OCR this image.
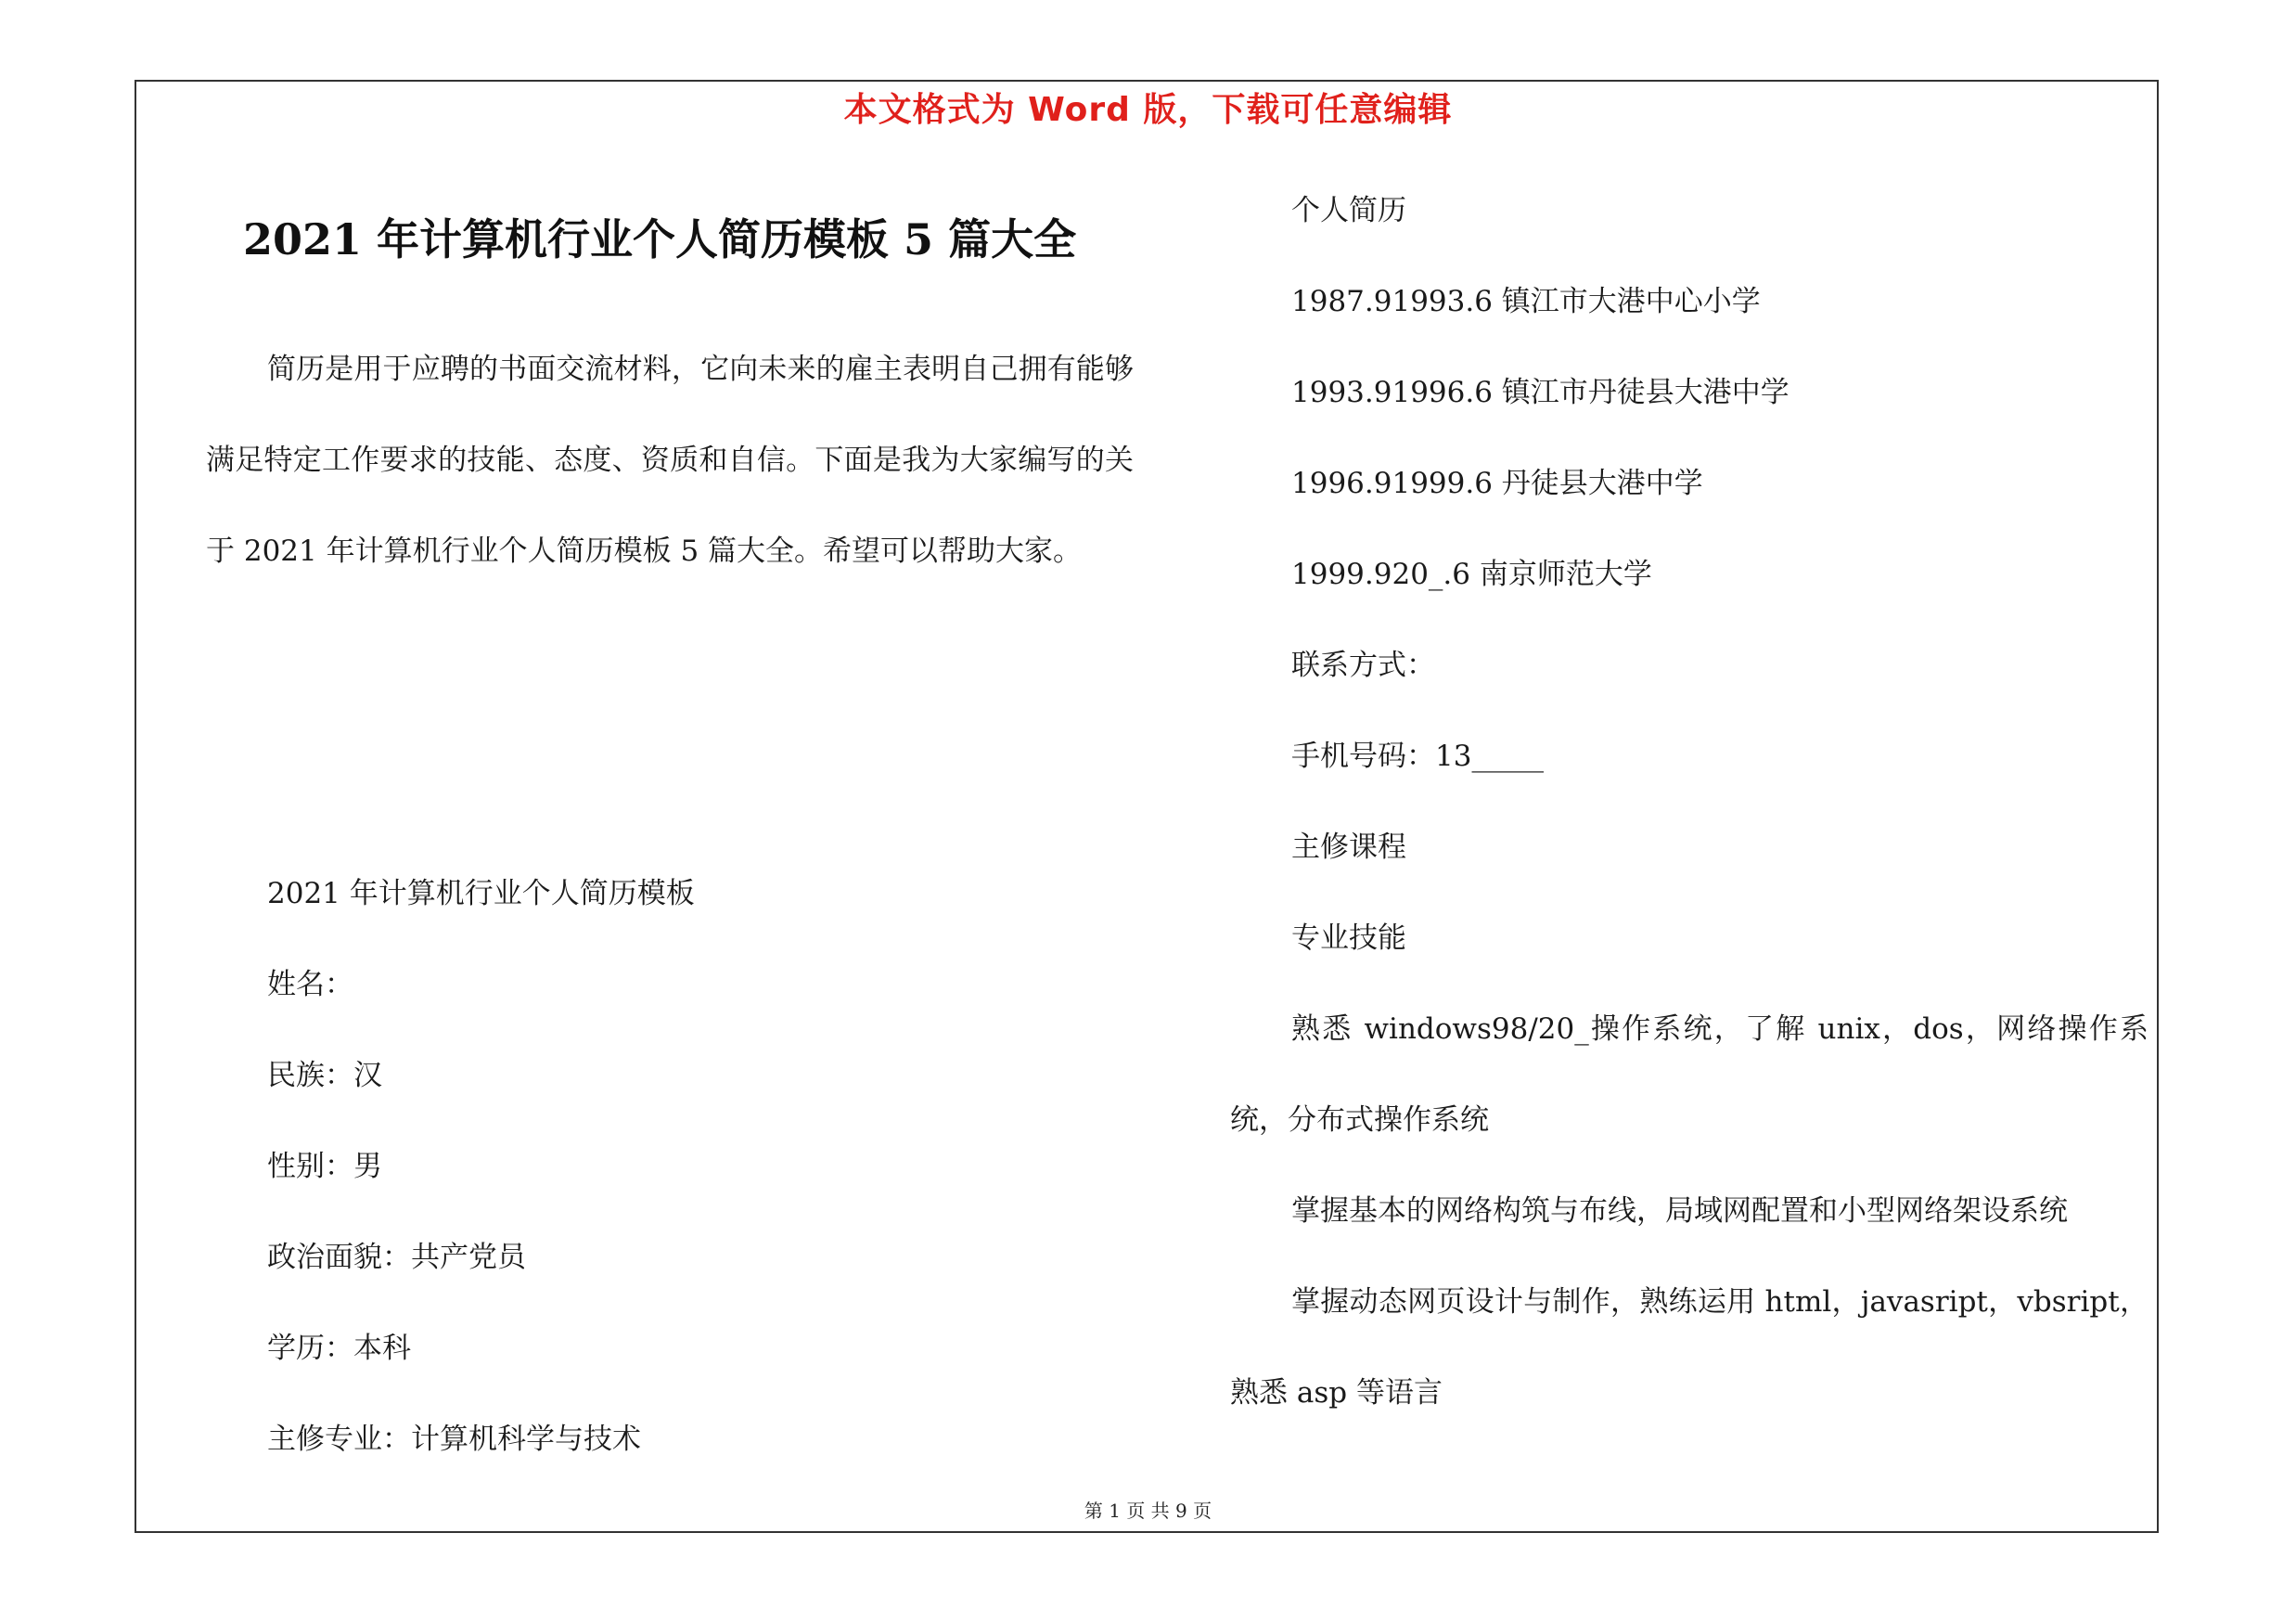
本文格式为 Word 版，下载可任意编辑
2021 年计算机行业个人简历模板 5 篇大全

简历是用于应聘的书面交流材料，它向未来的雇主表明自己拥有能够满足特定工作要求的技能、态度、资质和自信。下面是我为大家编写的关于 2021 年计算机行业个人简历模板 5 篇大全。希望可以帮助大家。

2021 年计算机行业个人简历模板
姓名：
民族：汉
性别：男
政治面貌：共产党员
学历：本科
主修专业：计算机科学与技术
个人简历
1987.91993.6 镇江市大港中心小学
1993.91996.6 镇江市丹徒县大港中学
1996.91999.6 丹徒县大港中学
1999.920_.6 南京师范大学
联系方式：
手机号码：13_____
主修课程
专业技能

熟悉 windows98/20_操作系统，了解 unix，dos，网络操作系统，分布式操作系统

掌握基本的网络构筑与布线，局域网配置和小型网络架设系统

掌握动态网页设计与制作，熟练运用 html，javasript，vbsript，熟悉 asp 等语言

第 1 页 共 9 页
